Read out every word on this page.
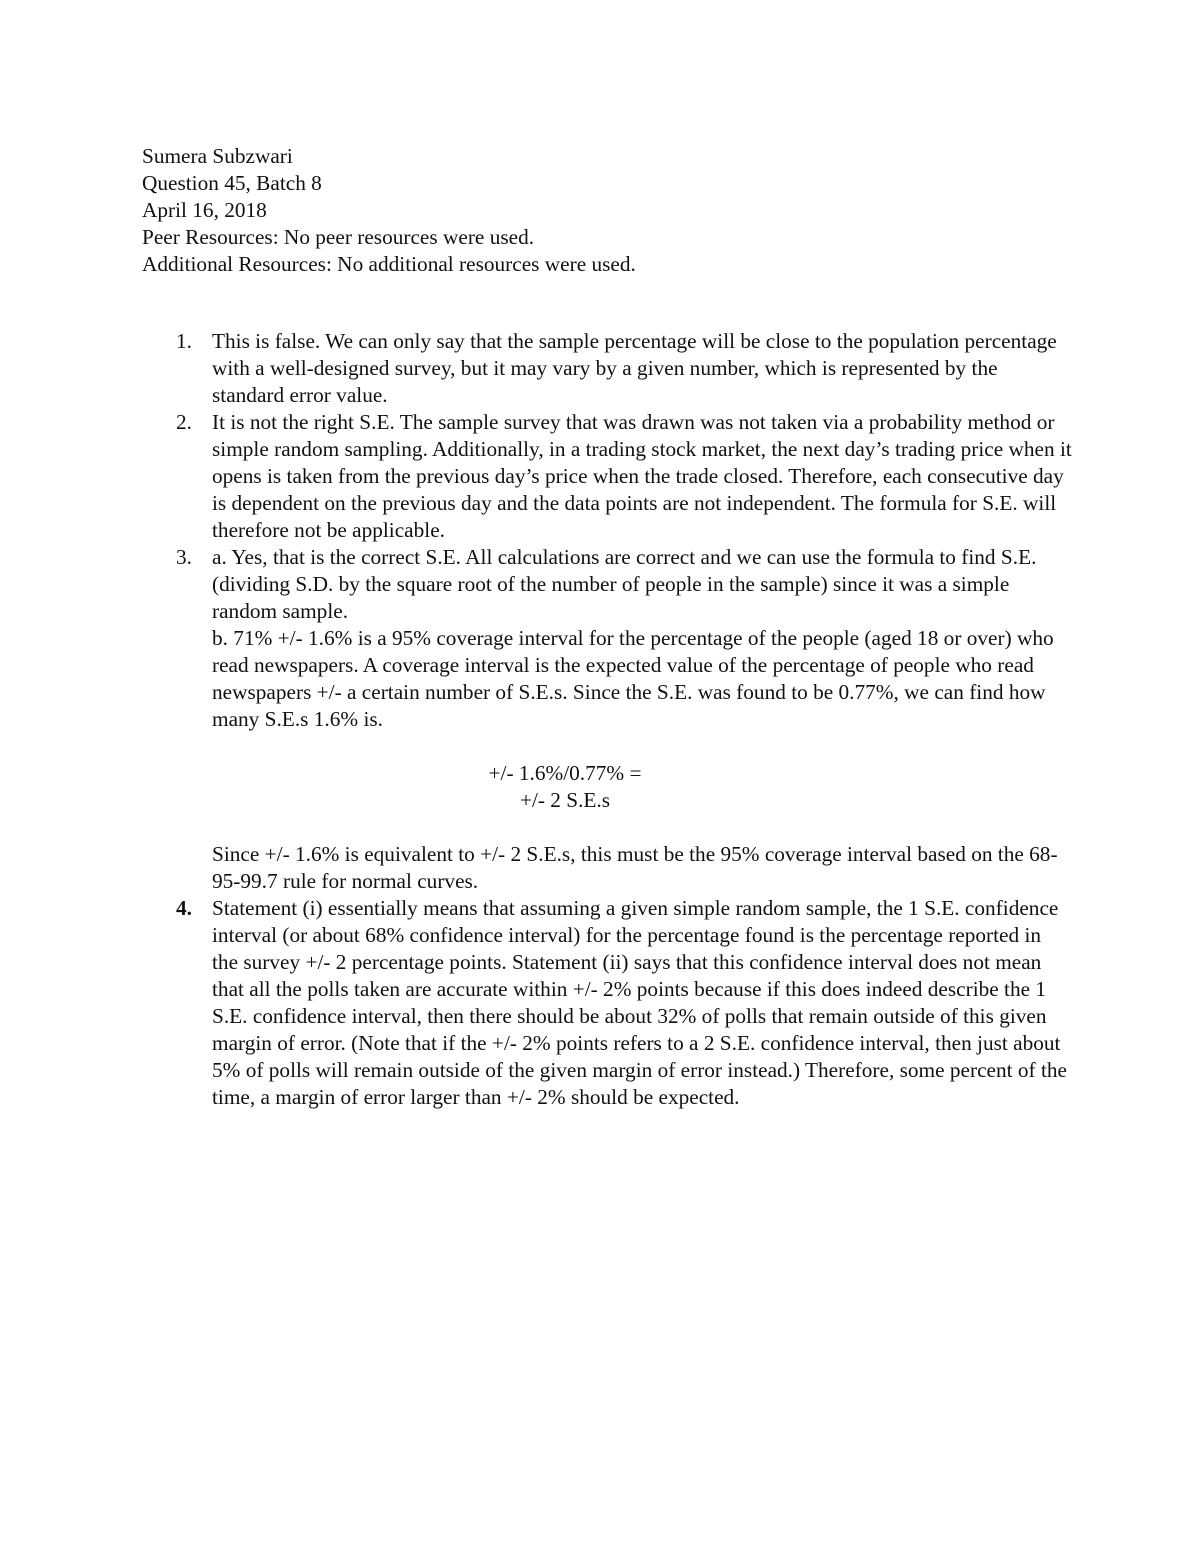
Sumera Subzwari
Question 45, Batch 8
April 16, 2018
Peer Resources: No peer resources were used.
Additional Resources: No additional resources were used.
1. This is false. We can only say that the sample percentage will be close to the population percentage with a well-designed survey, but it may vary by a given number, which is represented by the standard error value.

2. It is not the right S.E. The sample survey that was drawn was not taken via a probability method or simple random sampling. Additionally, in a trading stock market, the next day’s trading price when it opens is taken from the previous day’s price when the trade closed. Therefore, each consecutive day is dependent on the previous day and the data points are not independent. The formula for S.E. will therefore not be applicable.

3. a. Yes, that is the correct S.E. All calculations are correct and we can use the formula to find S.E. (dividing S.D. by the square root of the number of people in the sample) since it was a simple random sample.

b. 71% +/- 1.6% is a 95% coverage interval for the percentage of the people (aged 18 or over) who read newspapers. A coverage interval is the expected value of the percentage of people who read newspapers +/- a certain number of S.E.s. Since the S.E. was found to be 0.77%, we can find how many S.E.s 1.6% is.

+/- 1.6%/0.77% =
+/- 2 S.E.s

Since +/- 1.6% is equivalent to +/- 2 S.E.s, this must be the 95% coverage interval based on the 68-95-99.7 rule for normal curves.

4. Statement (i) essentially means that assuming a given simple random sample, the 1 S.E. confidence interval (or about 68% confidence interval) for the percentage found is the percentage reported in the survey +/- 2 percentage points. Statement (ii) says that this confidence interval does not mean that all the polls taken are accurate within +/- 2% points because if this does indeed describe the 1 S.E. confidence interval, then there should be about 32% of polls that remain outside of this given margin of error. (Note that if the +/- 2% points refers to a 2 S.E. confidence interval, then just about 5% of polls will remain outside of the given margin of error instead.) Therefore, some percent of the time, a margin of error larger than +/- 2% should be expected.
